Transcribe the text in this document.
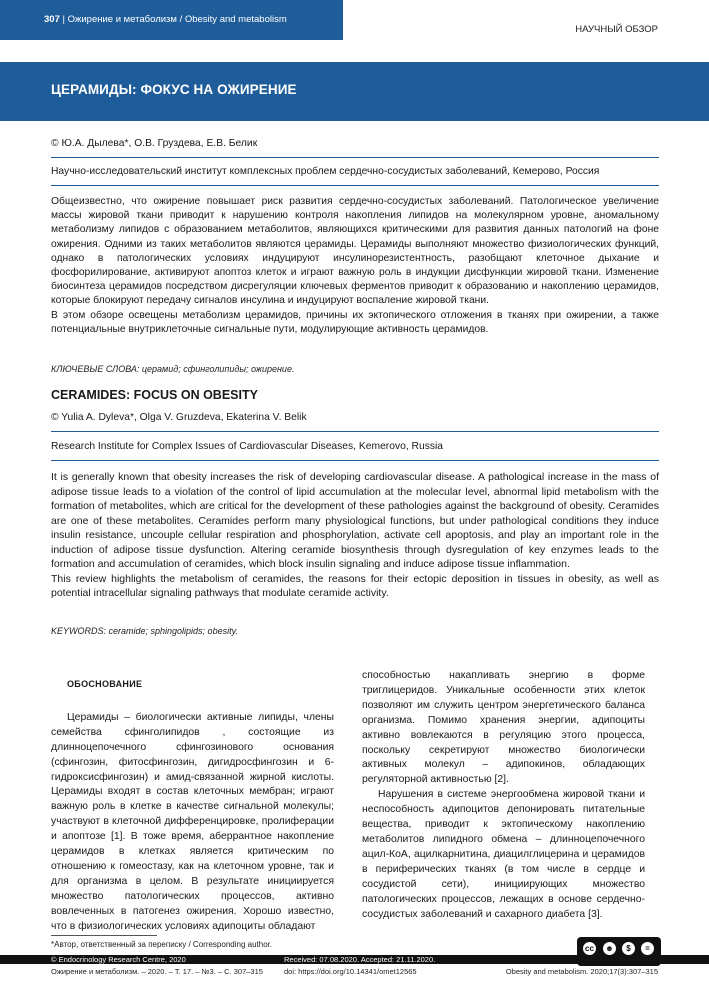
307 | Ожирение и метаболизм / Obesity and metabolism
НАУЧНЫЙ ОБЗОР
ЦЕРАМИДЫ: ФОКУС НА ОЖИРЕНИЕ
© Ю.А. Дылева*, О.В. Груздева, Е.В. Белик
Научно-исследовательский институт комплексных проблем сердечно-сосудистых заболеваний, Кемерово, Россия

Общеизвестно, что ожирение повышает риск развития сердечно-сосудистых заболеваний. Патологическое увеличение массы жировой ткани приводит к нарушению контроля накопления липидов на молекулярном уровне, аномальному метаболизму липидов с образованием метаболитов, являющихся критическими для развития данных патологий на фоне ожирения. Одними из таких метаболитов являются церамиды. Церамиды выполняют множество физиологических функций, однако в патологических условиях индуцируют инсулинорезистентность, разобщают клеточное дыхание и фосфорилирование, активируют апоптоз клеток и играют важную роль в индукции дисфункции жировой ткани. Изменение биосинтеза церамидов посредством дисрегуляции ключевых ферментов приводит к образованию и накоплению церамидов, которые блокируют передачу сигналов инсулина и индуцируют воспаление жировой ткани.

В этом обзоре освещены метаболизм церамидов, причины их эктопического отложения в тканях при ожирении, а также потенциальные внутриклеточные сигнальные пути, модулирующие активность церамидов.

КЛЮЧЕВЫЕ СЛОВА: церамид; сфинголипиды; ожирение.
CERAMIDES: FOCUS ON OBESITY
© Yulia A. Dyleva*, Olga V. Gruzdeva, Ekaterina V. Belik
Research Institute for Complex Issues of Cardiovascular Diseases, Kemerovo, Russia

It is generally known that obesity increases the risk of developing cardiovascular disease. A pathological increase in the mass of adipose tissue leads to a violation of the control of lipid accumulation at the molecular level, abnormal lipid metabolism with the formation of metabolites, which are critical for the development of these pathologies against the background of obesity. Ceramides are one of these metabolites. Ceramides perform many physiological functions, but under pathological conditions they induce insulin resistance, uncouple cellular respiration and phosphorylation, activate cell apoptosis, and play an important role in the induction of adipose tissue dysfunction. Altering ceramide biosynthesis through dysregulation of key enzymes leads to the formation and accumulation of ceramides, which block insulin signaling and induce adipose tissue inflammation.

This review highlights the metabolism of ceramides, the reasons for their ectopic deposition in tissues in obesity, as well as potential intracellular signaling pathways that modulate ceramide activity.

KEYWORDS: ceramide; sphingolipids; obesity.
ОБОСНОВАНИЕ

Церамиды – биологически активные липиды, члены семейства сфинголипидов , состоящие из длинноцепочечного сфингозинового основания (сфингозин, фитосфингозин, дигидросфингозин и 6-гидроксисфингозин) и амид-связанной жирной кислоты. Церамиды входят в состав клеточных мембран; играют важную роль в клетке в качестве сигнальной молекулы; участвуют в клеточной дифференцировке, пролиферации и апоптозе [1]. В тоже время, аберрантное накопление церамидов в клетках является критическим по отношению к гомеостазу, как на клеточном уровне, так и для организма в целом. В результате инициируется множество патологических процессов, активно вовлеченных в патогенез ожирения. Хорошо известно, что в физиологических условиях адипоциты обладают

способностью накапливать энергию в форме триглицеридов. Уникальные особенности этих клеток позволяют им служить центром энергетического баланса организма. Помимо хранения энергии, адипоциты активно вовлекаются в регуляцию этого процесса, поскольку секретируют множество биологически активных молекул – адипокинов, обладающих регуляторной активностью [2].

Нарушения в системе энергообмена жировой ткани и неспособность адипоцитов депонировать питательные вещества, приводит к эктопическому накоплению метаболитов липидного обмена – длинноцепочечного ацил-КоА, ацилкарнитина, диацилглицерина и церамидов в периферических тканях (в том числе в сердце и сосудистой сети), инициирующих множество патологических процессов, лежащих в основе сердечно-сосудистых заболеваний и сахарного диабета [3].

*Автор, ответственный за переписку / Corresponding author.	cc	☻	$	=
© Endocrinology Research Centre, 2020	Received: 07.08.2020. Accepted: 21.11.2020.
Ожирение и метаболизм. – 2020. – Т. 17. – №3. – С. 307–315	doi: https://doi.org/10.14341/omet12565	Obesity and metabolism. 2020;17(3):307–315
